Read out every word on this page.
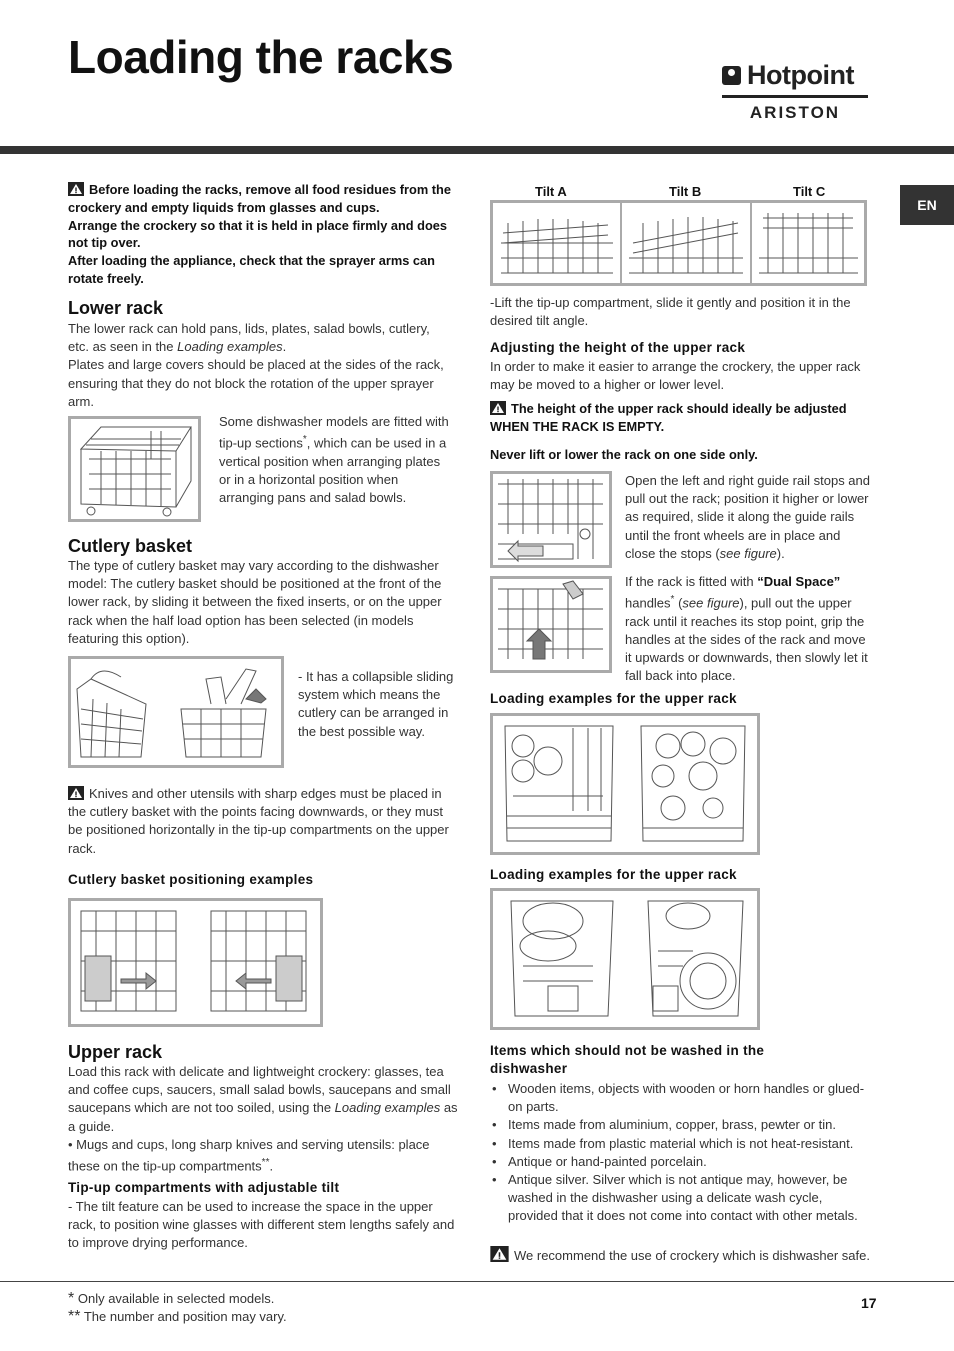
Loading the racks	Hotpoint
ARISTON
EN

Before loading the racks, remove all food residues from the crockery and empty liquids from glasses and cups.
Arrange the crockery so that it is held in place firmly and does not tip over.
After loading the appliance, check that the sprayer arms can rotate freely.

Lower rack

The lower rack can hold pans, lids, plates, salad bowls, cutlery, etc. as seen in the Loading examples.

Plates and large covers should be placed at the sides of the rack, ensuring that they do not block the rotation of the upper sprayer arm.

Some dishwasher models are fitted with tip-up sections*, which can be used in a vertical position when arranging plates or in a horizontal position when arranging pans and salad bowls.

Cutlery basket

The type of cutlery basket may vary according to the dishwasher model: The cutlery basket should be positioned at the front of the lower rack, by sliding it between the fixed inserts, or on the upper rack when the half load option has been selected (in models featuring this option).

- It has a collapsible sliding system which means the cutlery can be arranged in the best possible way.

Knives and other utensils with sharp edges must be placed in the cutlery basket with the points facing downwards, or they must be positioned horizontally in the tip-up compartments on the upper rack.

Cutlery basket positioning examples
Upper rack

Load this rack with delicate and lightweight crockery: glasses, tea and coffee cups, saucers, small salad bowls, saucepans and small saucepans which are not too soiled, using the Loading examples as a guide.

• Mugs and cups, long sharp knives and serving utensils: place these on the tip-up compartments**.

Tip-up compartments with adjustable tilt

- The tilt feature can be used to increase the space in the upper rack, to position wine glasses with different stem lengths safely and to improve drying performance.

Tilt A	Tilt B	Tilt C

-Lift the tip-up compartment, slide it gently and position it in the desired tilt angle.

Adjusting the height of the upper rack

In order to make it easier to arrange the crockery, the upper rack may be moved to a higher or lower level.

The height of the upper rack should ideally be adjusted WHEN THE RACK IS EMPTY.

Never lift or lower the rack on one side only.

Open the left and right guide rail stops and pull out the rack; position it higher or lower as required, slide it along the guide rails until the front wheels are in place and close the stops (see figure).

If the rack is fitted with “Dual Space” handles* (see figure), pull out the upper rack until it reaches its stop point, grip the handles at the sides of the rack and move it upwards or downwards, then slowly let it fall back into place.

Loading examples for the upper rack
Loading examples for the upper rack
Items which should not be washed in the dishwasher
• Wooden items, objects with wooden or horn handles or glued-on parts.
• Items made from aluminium, copper, brass, pewter or tin.
• Items made from plastic material which is not heat-resistant.
• Antique or hand-painted porcelain.
• Antique silver. Silver which is not antique may, however, be washed in the dishwasher using a delicate wash cycle, provided that it does not come into contact with other metals.

We recommend the use of crockery which is dishwasher safe.

* Only available in selected models.
** The number and position may vary.
17
